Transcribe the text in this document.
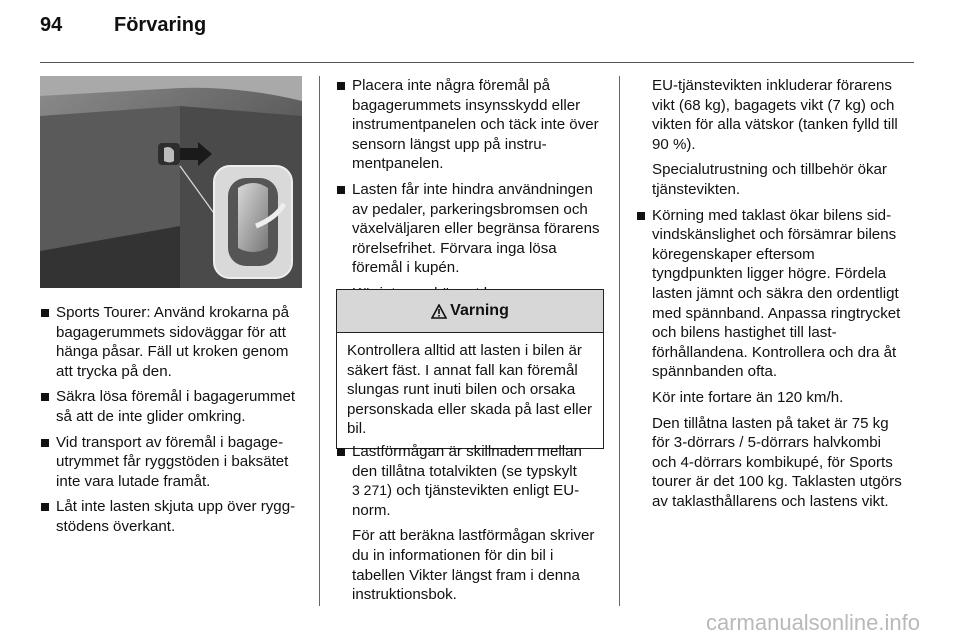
94	Förvaring
Sports Tourer: Använd krokarna på bagagerummets sidoväggar för att hänga påsar. Fäll ut kroken genom att trycka på den.
Säkra lösa föremål i bagagerummet så att de inte glider omkring.
Vid transport av föremål i bagageutrymmet får ryggstöden i baksätet inte vara lutade framåt.
Låt inte lasten skjuta upp över ryggstödens överkant.
Placera inte några föremål på bagagerummets insynsskydd eller instrumentpanelen och täck inte över sensorn längst upp på instrumentpanelen.
Lasten får inte hindra användningen av pedaler, parkeringsbromsen och växelväljaren eller begränsa förarens rörelsefrihet. Förvara inga lösa föremål i kupén.
Varning
Kontrollera alltid att lasten i bilen är säkert fäst. I annat fall kan föremål slungas runt inuti bilen och orsaka personskada eller skada på last eller bil.
Lastförmågan är skillnaden mellan den tillåtna totalvikten (se typskylt
3 271) och tjänstevikten enligt EU-norm.
För att beräkna lastförmågan skriver du in informationen för din bil i tabellen Vikter längst fram i denna instruktionsbok.
EU-tjänstevikten inkluderar förarens vikt (68 kg), bagagets vikt (7 kg) och vikten för alla vätskor (tanken fylld till 90 %).
Specialutrustning och tillbehör ökar tjänstevikten.
Körning med taklast ökar bilens sidvindskänslighet och försämrar bilens köregenskaper eftersom tyngdpunkten ligger högre. Fördela lasten jämnt och säkra den ordentligt med spännband. Anpassa ringtrycket och bilens hastighet till lastförhållandena. Kontrollera och dra åt spännbanden ofta.
Kör inte fortare än 120 km/h.
Den tillåtna lasten på taket är 75 kg för 3-dörrars / 5-dörrars halvkombi och 4-dörrars kombikupé, för Sports tourer är det 100 kg. Taklasten utgörs av taklasthållarens och lastens vikt.
carmanualsonline.info
